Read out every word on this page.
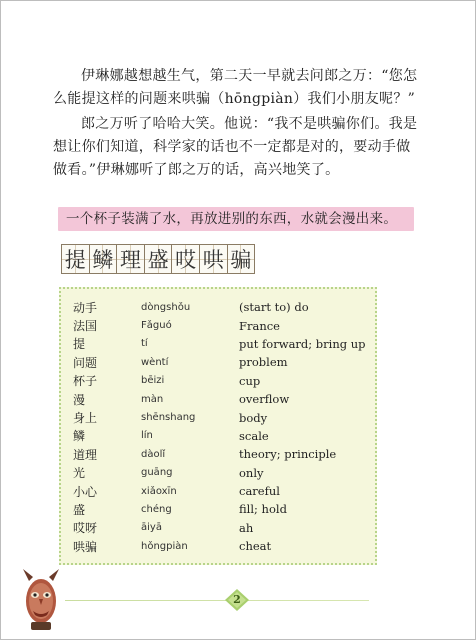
伊琳娜越想越生气，第二天一早就去问郎之万：“您怎么能提这样的问题来哄骗（hōngpiàn）我们小朋友呢？”

郎之万听了哈哈大笑。他说：“我不是哄骗你们。我是想让你们知道，科学家的话也不一定都是对的，要动手做做看。”伊琳娜听了郎之万的话，高兴地笑了。

一个杯子装满了水，再放进别的东西，水就会漫出来。
提 鳞 理 盛 哎 哄 骗
动手	dòngshǒu	(start to) do
法国	Fǎguó	France
提	tí	put forward; bring up
问题	wèntí	problem
杯子	bēizi	cup
漫	màn	overflow
身上	shēnshang	body
鳞	lín	scale
道理	dàolǐ	theory; principle
光	guāng	only
小心	xiǎoxīn	careful
盛	chéng	fill; hold
哎呀	āiyā	ah
哄骗	hǒngpiàn	cheat
2
